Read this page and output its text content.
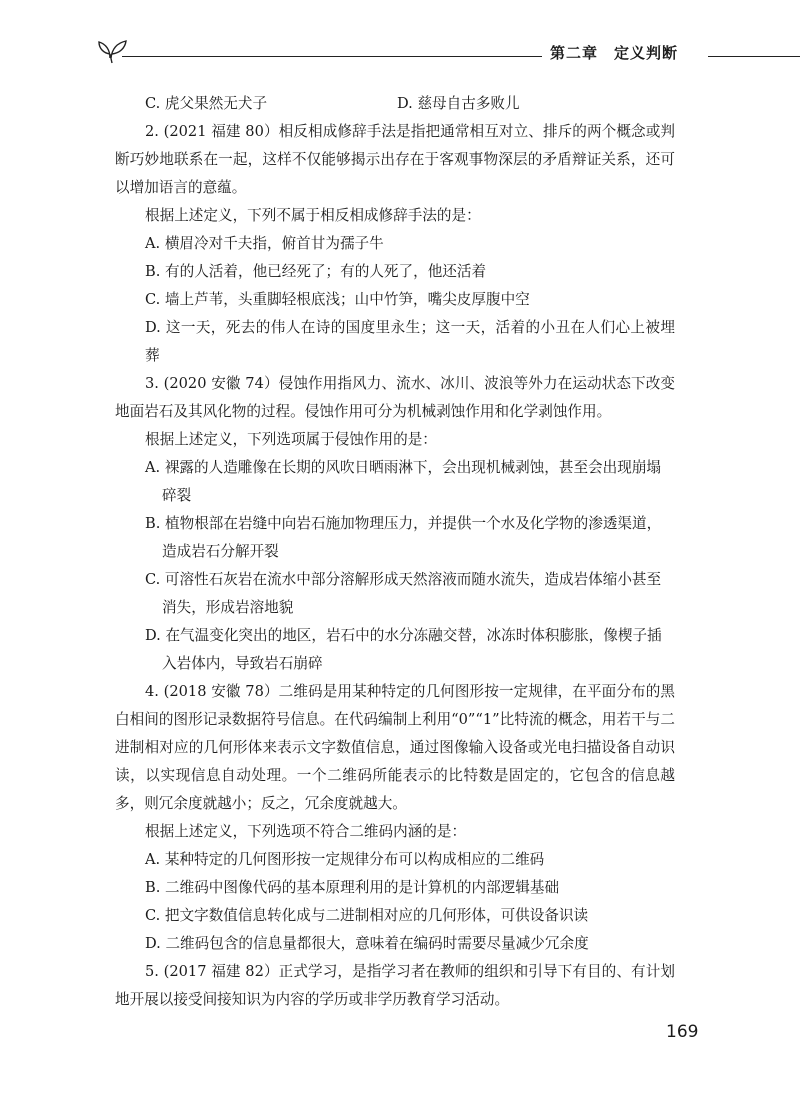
第二章　定义判断
C. 虎父果然无犬子	D. 慈母自古多败儿

2. (2021 福建 80）相反相成修辞手法是指把通常相互对立、排斥的两个概念或判断巧妙地联系在一起，这样不仅能够揭示出存在于客观事物深层的矛盾辩证关系，还可以增加语言的意蕴。

根据上述定义，下列不属于相反相成修辞手法的是：

A. 横眉冷对千夫指，俯首甘为孺子牛

B. 有的人活着，他已经死了；有的人死了，他还活着

C. 墙上芦苇，头重脚轻根底浅；山中竹笋，嘴尖皮厚腹中空

D. 这一天，死去的伟人在诗的国度里永生；这一天，活着的小丑在人们心上被埋葬

3. (2020 安徽 74）侵蚀作用指风力、流水、冰川、波浪等外力在运动状态下改变地面岩石及其风化物的过程。侵蚀作用可分为机械剥蚀作用和化学剥蚀作用。

根据上述定义，下列选项属于侵蚀作用的是：

A. 裸露的人造雕像在长期的风吹日晒雨淋下，会出现机械剥蚀，甚至会出现崩塌
碎裂

B. 植物根部在岩缝中向岩石施加物理压力，并提供一个水及化学物的渗透渠道，
造成岩石分解开裂

C. 可溶性石灰岩在流水中部分溶解形成天然溶液而随水流失，造成岩体缩小甚至
消失，形成岩溶地貌

D. 在气温变化突出的地区，岩石中的水分冻融交替，冰冻时体积膨胀，像楔子插
入岩体内，导致岩石崩碎

4. (2018 安徽 78）二维码是用某种特定的几何图形按一定规律，在平面分布的黑白相间的图形记录数据符号信息。在代码编制上利用“0”“1”比特流的概念，用若干与二进制相对应的几何形体来表示文字数值信息，通过图像输入设备或光电扫描设备自动识读，以实现信息自动处理。一个二维码所能表示的比特数是固定的，它包含的信息越多，则冗余度就越小；反之，冗余度就越大。

根据上述定义，下列选项不符合二维码内涵的是：

A. 某种特定的几何图形按一定规律分布可以构成相应的二维码

B. 二维码中图像代码的基本原理利用的是计算机的内部逻辑基础

C. 把文字数值信息转化成与二进制相对应的几何形体，可供设备识读

D. 二维码包含的信息量都很大，意味着在编码时需要尽量减少冗余度

5. (2017 福建 82）正式学习，是指学习者在教师的组织和引导下有目的、有计划地开展以接受间接知识为内容的学历或非学历教育学习活动。

169
